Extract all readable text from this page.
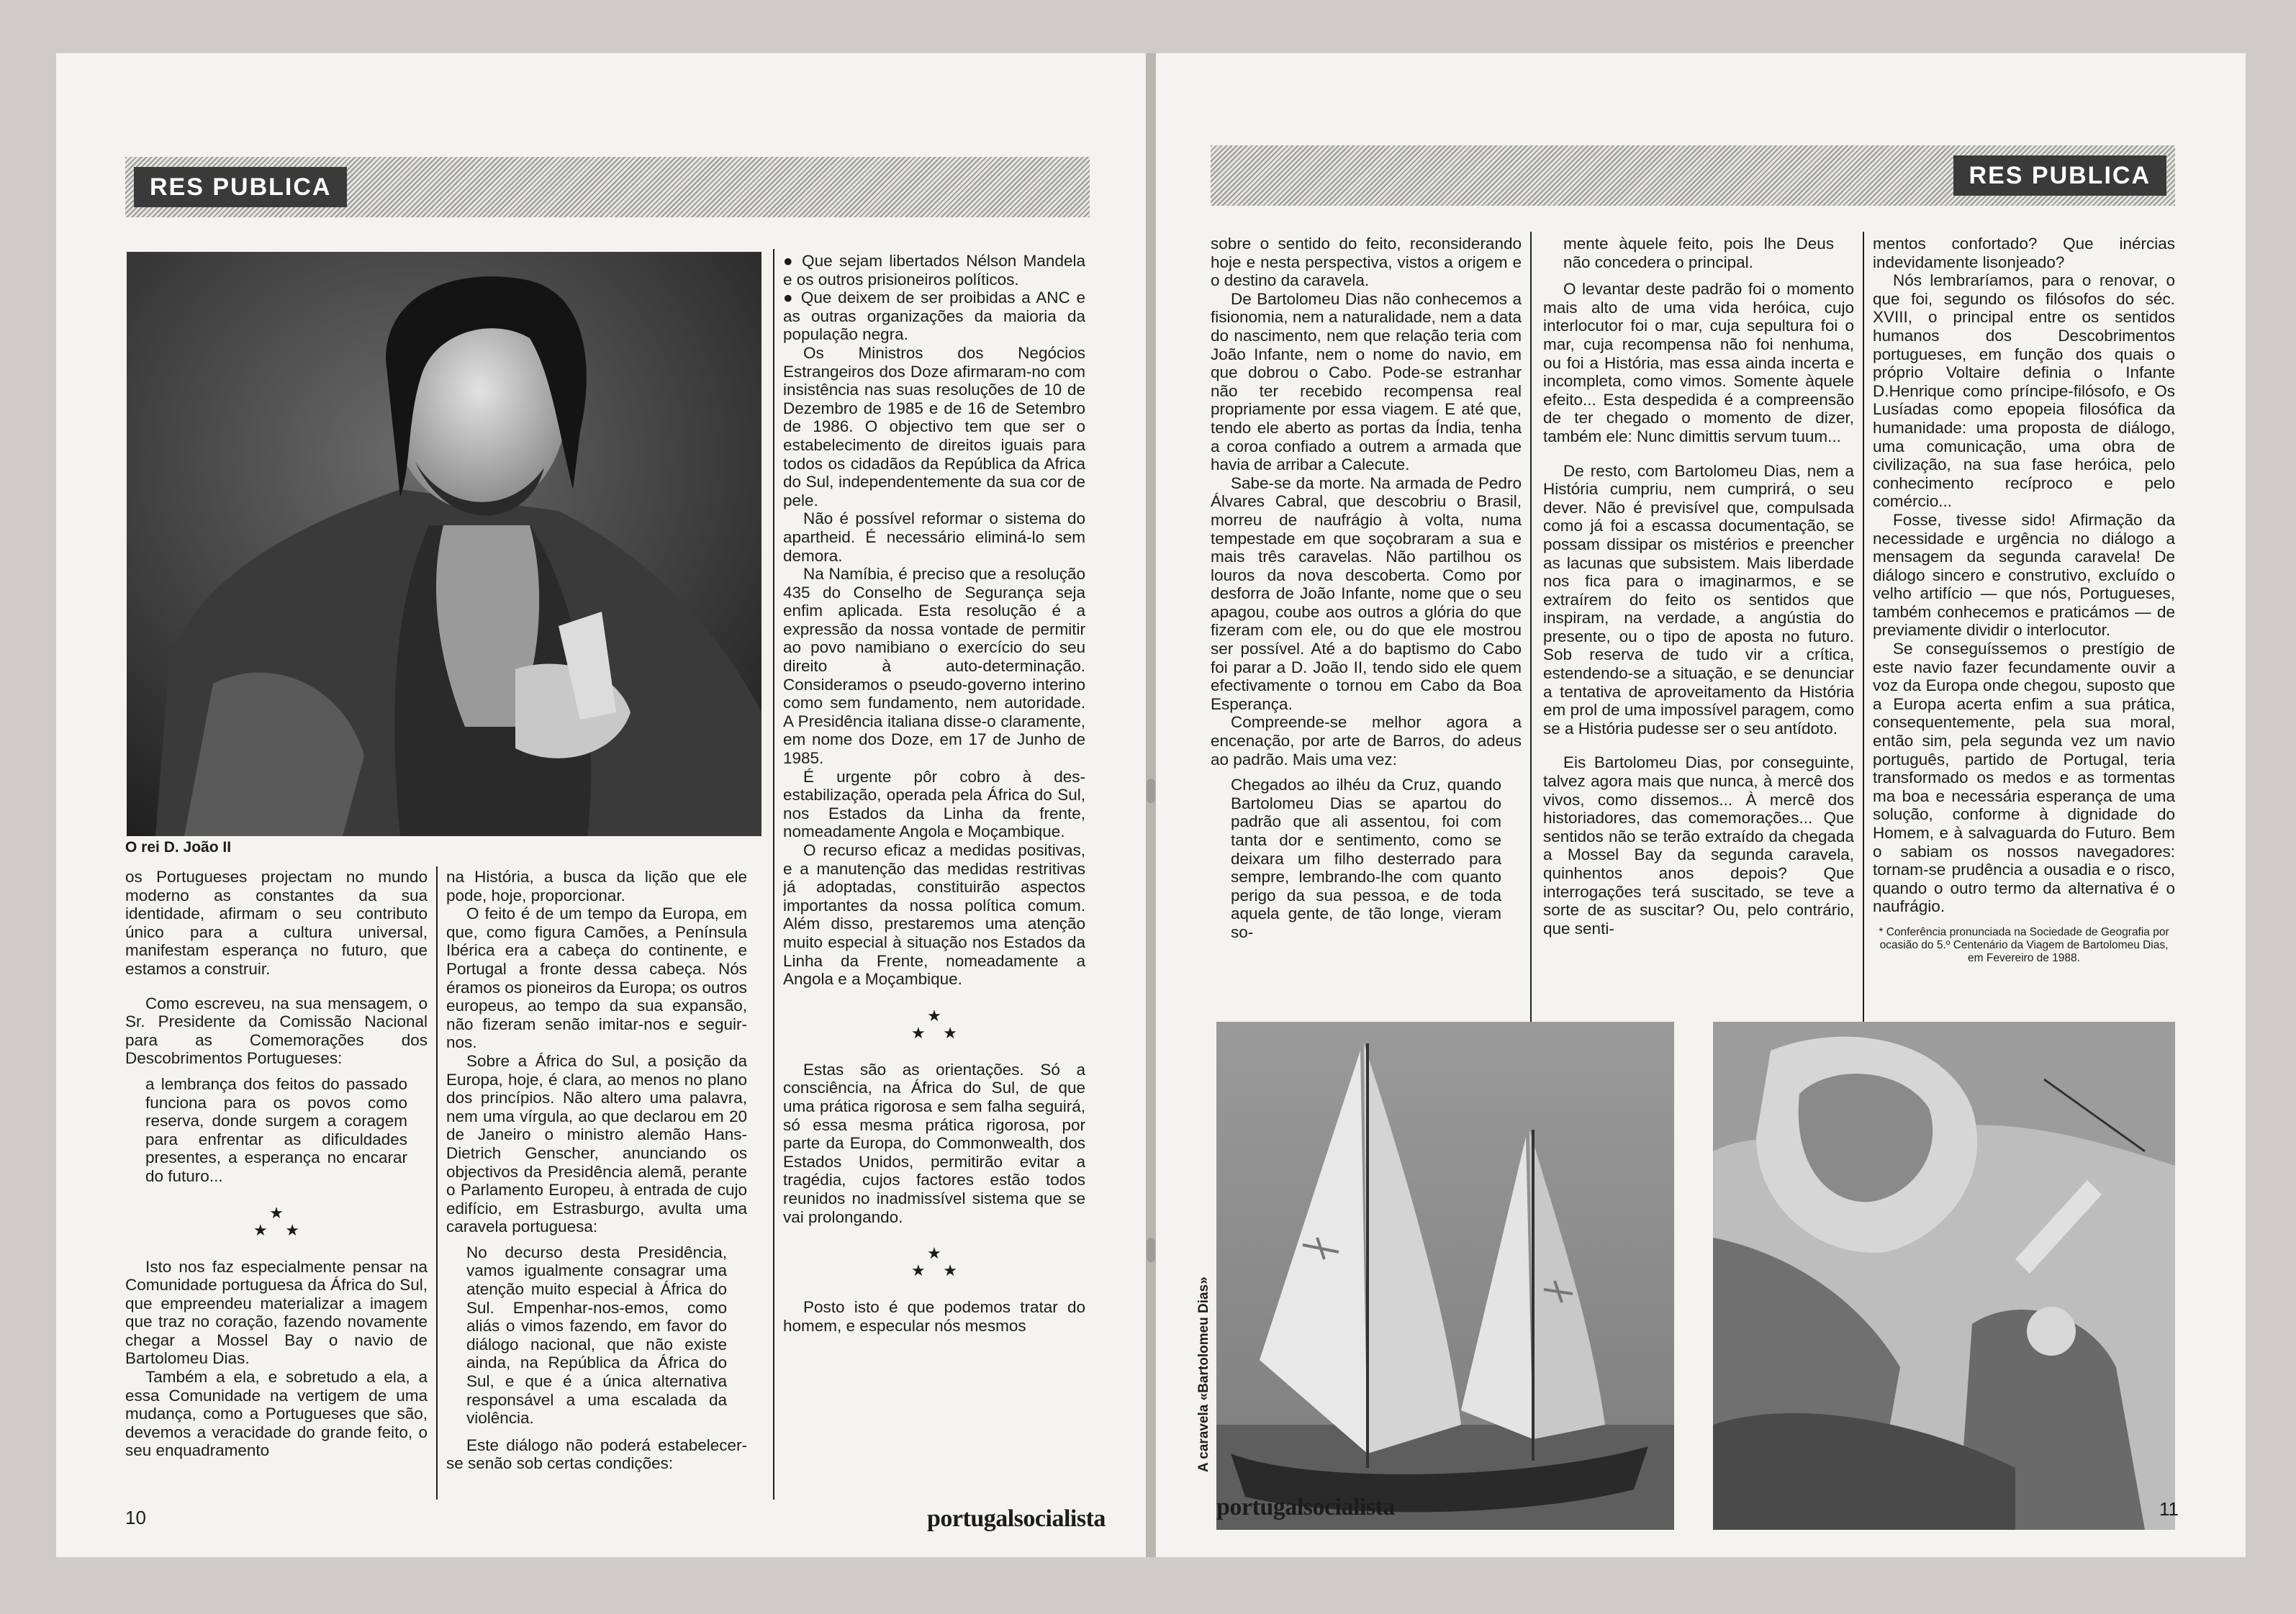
RES PUBLICA
O rei D. João II

os Portugueses projectam no mundo moderno as constantes da sua identidade, afirmam o seu contributo único para a cultura universal, manifestam esperança no futuro, que estamos a construir.

Como escreveu, na sua mensagem, o Sr. Presidente da Comissão Nacional para as Comemorações dos Descobrimentos Portugueses:

a lembrança dos feitos do passado funciona para os povos como reserva, donde surgem a coragem para enfrentar as dificuldades presentes, a esperança no encarar do futuro...

★
★    ★

Isto nos faz especialmente pensar na Comunidade portuguesa da África do Sul, que empreendeu materializar a imagem que traz no coração, fazendo novamente chegar a Mossel Bay o navio de Bartolomeu Dias.

Também a ela, e sobretudo a ela, a essa Comunidade na vertigem de uma mudança, como a Portugueses que são, devemos a veracidade do grande feito, o seu enquadramento

na História, a busca da lição que ele pode, hoje, proporcionar.

O feito é de um tempo da Europa, em que, como figura Camões, a Península Ibérica era a cabeça do continente, e Portugal a fronte dessa cabeça. Nós éramos os pioneiros da Europa; os outros europeus, ao tempo da sua expansão, não fizeram senão imitar-nos e seguir-nos.

Sobre a África do Sul, a posição da Europa, hoje, é clara, ao menos no plano dos princípios. Não altero uma palavra, nem uma vírgula, ao que declarou em 20 de Janeiro o ministro alemão Hans-Dietrich Genscher, anunciando os objectivos da Presidência alemã, perante o Parlamento Europeu, à entrada de cujo edifício, em Estrasburgo, avulta uma caravela portuguesa:

No decurso desta Presidência, vamos igualmente consagrar uma atenção muito especial à África do Sul. Empenhar-nos-emos, como aliás o vimos fazendo, em favor do diálogo nacional, que não existe ainda, na República da África do Sul, e que é a única alternativa responsável a uma escalada da violência.

Este diálogo não poderá estabelecer-se senão sob certas condições:

● Que sejam libertados Nélson Mandela e os outros prisioneiros políticos.

● Que deixem de ser proibidas a ANC e as outras organizações da maioria da população negra.

Os Ministros dos Negócios Estrangeiros dos Doze afirmaram-no com insistência nas suas resoluções de 10 de Dezembro de 1985 e de 16 de Setembro de 1986. O objectivo tem que ser o estabelecimento de direitos iguais para todos os cidadãos da República da Africa do Sul, independentemente da sua cor de pele.

Não é possível reformar o sistema do apartheid. É necessário eliminá-lo sem demora.

Na Namíbia, é preciso que a resolução 435 do Conselho de Segurança seja enfim aplicada. Esta resolução é a expressão da nossa vontade de permitir ao povo namibiano o exercício do seu direito à auto-determinação. Consideramos o pseudo-governo interino como sem fundamento, nem autoridade. A Presidência italiana disse-o claramente, em nome dos Doze, em 17 de Junho de 1985.

É urgente pôr cobro à des-estabilização, operada pela África do Sul, nos Estados da Linha da frente, nomeadamente Angola e Moçambique.

O recurso eficaz a medidas positivas, e a manutenção das medidas restritivas já adoptadas, constituirão aspectos importantes da nossa política comum. Além disso, prestaremos uma atenção muito especial à situação nos Estados da Linha da Frente, nomeadamente a Angola e a Moçambique.

★
★    ★

Estas são as orientações. Só a consciência, na África do Sul, de que uma prática rigorosa e sem falha seguirá, só essa mesma prática rigorosa, por parte da Europa, do Commonwealth, dos Estados Unidos, permitirão evitar a tragédia, cujos factores estão todos reunidos no inadmissível sistema que se vai prolongando.

★
★    ★

Posto isto é que podemos tratar do homem, e especular nós mesmos

10	portugalsocialista
RES PUBLICA

sobre o sentido do feito, reconsiderando hoje e nesta perspectiva, vistos a origem e o destino da caravela.

De Bartolomeu Dias não conhecemos a fisionomia, nem a naturalidade, nem a data do nascimento, nem que relação teria com João Infante, nem o nome do navio, em que dobrou o Cabo. Pode-se estranhar não ter recebido recompensa real propriamente por essa viagem. E até que, tendo ele aberto as portas da Índia, tenha a coroa confiado a outrem a armada que havia de arribar a Calecute.

Sabe-se da morte. Na armada de Pedro Álvares Cabral, que descobriu o Brasil, morreu de naufrágio à volta, numa tempestade em que soçobraram a sua e mais três caravelas. Não partilhou os louros da nova descoberta. Como por desforra de João Infante, nome que o seu apagou, coube aos outros a glória do que fizeram com ele, ou do que ele mostrou ser possível. Até a do baptismo do Cabo foi parar a D. João II, tendo sido ele quem efectivamente o tornou em Cabo da Boa Esperança.

Compreende-se melhor agora a encenação, por arte de Barros, do adeus ao padrão. Mais uma vez:

Chegados ao ilhéu da Cruz, quando Bartolomeu Dias se apartou do padrão que ali assentou, foi com tanta dor e sentimento, como se deixara um filho desterrado para sempre, lembrando-lhe com quanto perigo da sua pessoa, e de toda aquela gente, de tão longe, vieram so-

mente àquele feito, pois lhe Deus não concedera o principal.

O levantar deste padrão foi o momento mais alto de uma vida heróica, cujo interlocutor foi o mar, cuja sepultura foi o mar, cuja recompensa não foi nenhuma, ou foi a História, mas essa ainda incerta e incompleta, como vimos. Somente àquele efeito... Esta despedida é a compreensão de ter chegado o momento de dizer, também ele: Nunc dimittis servum tuum...

De resto, com Bartolomeu Dias, nem a História cumpriu, nem cumprirá, o seu dever. Não é previsível que, compulsada como já foi a escassa documentação, se possam dissipar os mistérios e preencher as lacunas que subsistem. Mais liberdade nos fica para o imaginarmos, e se extraírem do feito os sentidos que inspiram, na verdade, a angústia do presente, ou o tipo de aposta no futuro. Sob reserva de tudo vir a crítica, estendendo-se a situação, e se denunciar a tentativa de aproveitamento da História em prol de uma impossível paragem, como se a História pudesse ser o seu antídoto.

Eis Bartolomeu Dias, por conseguinte, talvez agora mais que nunca, à mercê dos vivos, como dissemos... À mercê dos historiadores, das comemorações... Que sentidos não se terão extraído da chegada a Mossel Bay da segunda caravela, quinhentos anos depois? Que interrogações terá suscitado, se teve a sorte de as suscitar? Ou, pelo contrário, que senti-

mentos confortado? Que inércias indevidamente lisonjeado?

Nós lembraríamos, para o renovar, o que foi, segundo os filósofos do séc. XVIII, o principal entre os sentidos humanos dos Descobrimentos portugueses, em função dos quais o próprio Voltaire definia o Infante D.Henrique como príncipe-filósofo, e Os Lusíadas como epopeia filosófica da humanidade: uma proposta de diálogo, uma comunicação, uma obra de civilização, na sua fase heróica, pelo conhecimento recíproco e pelo comércio...

Fosse, tivesse sido! Afirmação da necessidade e urgência no diálogo a mensagem da segunda caravela! De diálogo sincero e construtivo, excluído o velho artifício — que nós, Portugueses, também conhecemos e praticámos — de previamente dividir o interlocutor.

Se conseguíssemos o prestígio de este navio fazer fecundamente ouvir a voz da Europa onde chegou, suposto que a Europa acerta enfim a sua prática, consequentemente, pela sua moral, então sim, pela segunda vez um navio português, partido de Portugal, teria transformado os medos e as tormentas ma boa e necessária esperança de uma solução, conforme à dignidade do Homem, e à salvaguarda do Futuro. Bem o sabiam os nossos navegadores: tornam-se prudência a ousadia e o risco, quando o outro termo da alternativa é o naufrágio.

* Conferência pronunciada na Sociedade de Geografia por ocasião do 5.º Centenário da Viagem de Bartolomeu Dias, em Fevereiro de 1988.

A caravela «Bartolomeu Dias»
portugalsocialista	11
